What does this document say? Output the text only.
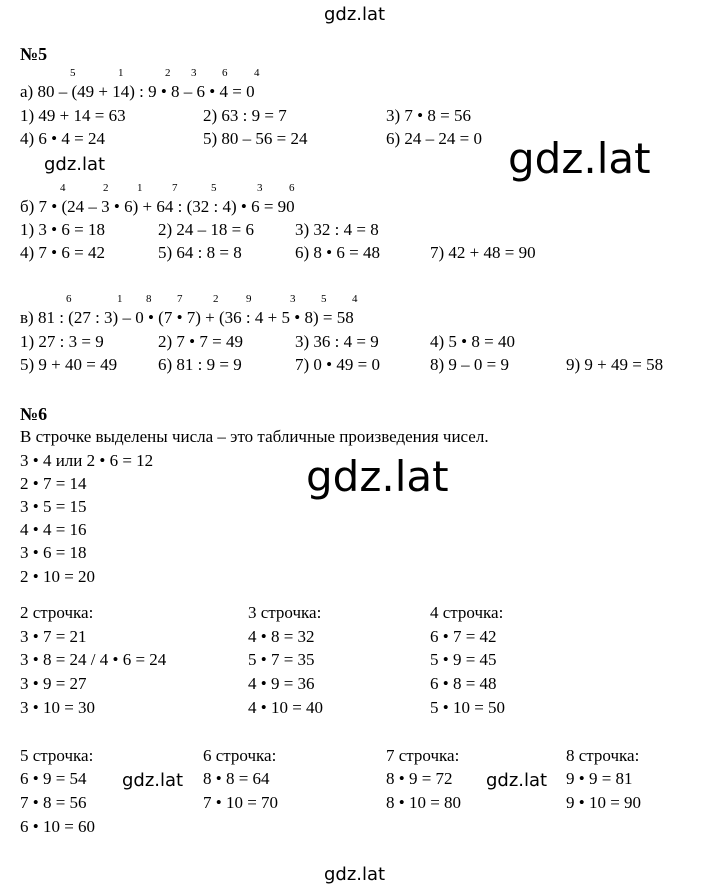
gdz.lat
gdz.lat	gdz.lat
gdz.lat
gdz.lat	gdz.lat
gdz.lat
№5
5	1	2 3 6 4
а) 80 – (49 + 14) : 9 • 8 – 6 • 4 = 0
1) 49 + 14 = 63	2) 63 : 9 = 7	3) 7 • 8 = 56
4) 6 • 4 = 24	5) 80 – 56 = 24	6) 24 – 24 = 0
4	2	1	7	5	3 6
б) 7 • (24 – 3 • 6) + 64 : (32 : 4) • 6 = 90
1) 3 • 6 = 18	2) 24 – 18 = 6 3) 32 : 4 = 8
4) 7 • 6 = 42	5) 64 : 8 = 8	6) 8 • 6 = 48	7) 42 + 48 = 90
6	1 8 7	2	9	3 5 4
в) 81 : (27 : 3) – 0 • (7 • 7) + (36 : 4 + 5 • 8) = 58
1) 27 : 3 = 9	2) 7 • 7 = 49	3) 36 : 4 = 9	4) 5 • 8 = 40
5) 9 + 40 = 49 6) 81 : 9 = 9	7) 0 • 49 = 0	8) 9 – 0 = 9	9) 9 + 49 = 58
№6
В строчке выделены числа – это табличные произведения чисел.
3 • 4 или 2 • 6 = 12
2 • 7 = 14
3 • 5 = 15
4 • 4 = 16
3 • 6 = 18
2 • 10 = 20
2 строчка:
3 • 7 = 21
3 • 8 = 24 / 4 • 6 = 24
3 • 9 = 27
3 • 10 = 30
3 строчка:
4 • 8 = 32
5 • 7 = 35
4 • 9 = 36
4 • 10 = 40
4 строчка:
6 • 7 = 42
5 • 9 = 45
6 • 8 = 48
5 • 10 = 50
5 строчка:
6 • 9 = 54
7 • 8 = 56
6 • 10 = 60
6 строчка:
8 • 8 = 64
7 • 10 = 70
7 строчка:
8 • 9 = 72
8 • 10 = 80
8 строчка:
9 • 9 = 81
9 • 10 = 90
